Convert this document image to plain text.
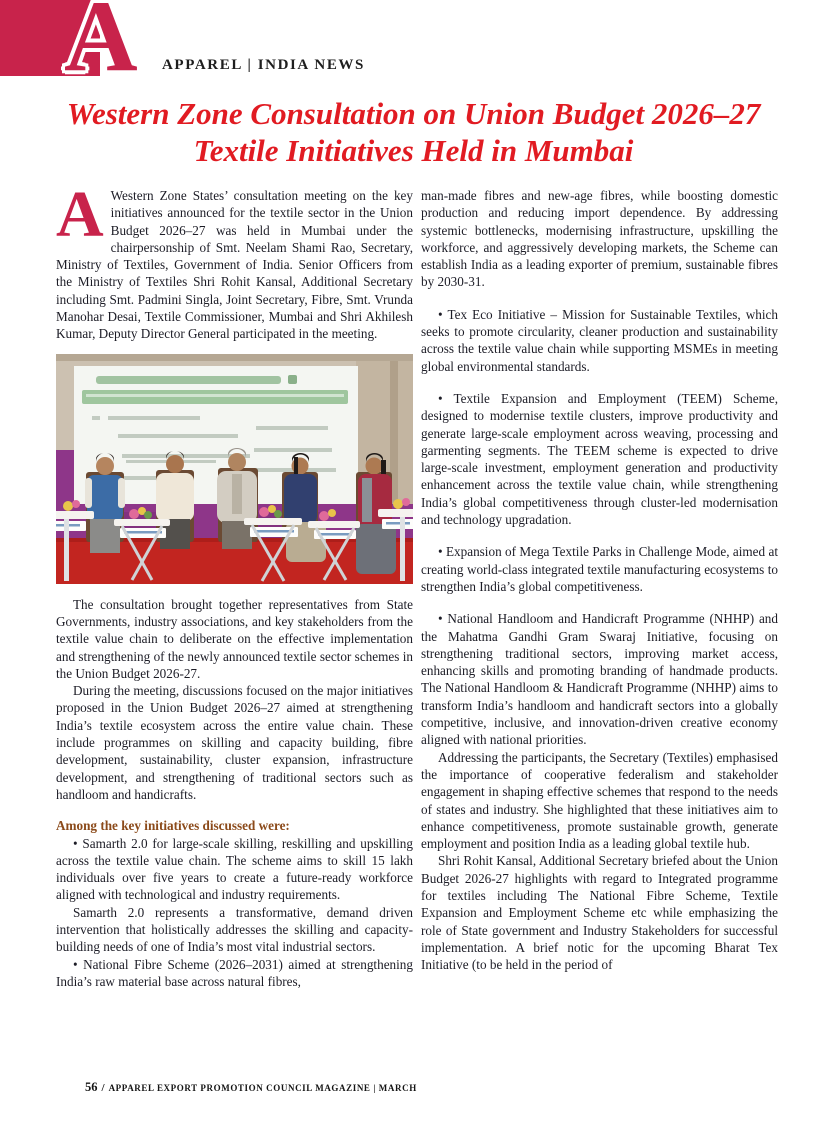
A APPAREL | INDIA NEWS
Western Zone Consultation on Union Budget 2026–27
Textile Initiatives Held in Mumbai

A Western Zone States’ consultation meeting on the key initiatives announced for the textile sector in the Union Budget 2026–27 was held in Mumbai under the chairpersonship of Smt. Neelam Shami Rao, Secretary, Ministry of Textiles, Government of India. Senior Officers from the Ministry of Textiles Shri Rohit Kansal, Additional Secretary including Smt. Padmini Singla, Joint Secretary, Fibre, Smt. Vrunda Manohar Desai, Textile Commissioner, Mumbai and Shri Akhilesh Kumar, Deputy Director General participated in the meeting.

The consultation brought together representatives from State Governments, industry associations, and key stakeholders from the textile value chain to deliberate on the effective implementation and strengthening of the newly announced textile sector schemes in the Union Budget 2026-27.

During the meeting, discussions focused on the major initiatives proposed in the Union Budget 2026–27 aimed at strengthening India’s textile ecosystem across the entire value chain. These include programmes on skilling and capacity building, fibre development, sustainability, cluster expansion, infrastructure development, and strengthening of traditional sectors such as handloom and handicrafts.

Among the key initiatives discussed were:

• Samarth 2.0 for large-scale skilling, reskilling and upskilling across the textile value chain. The scheme aims to skill 15 lakh individuals over five years to create a future-ready workforce aligned with technological and industry requirements.

Samarth 2.0 represents a transformative, demand driven intervention that holistically addresses the skilling and capacity-building needs of one of India’s most vital industrial sectors.

• National Fibre Scheme (2026–2031) aimed at strengthening India’s raw material base across natural fibres,

man-made fibres and new-age fibres, while boosting domestic production and reducing import dependence. By addressing systemic bottlenecks, modernising infrastructure, upskilling the workforce, and aggressively developing markets, the Scheme can establish India as a leading exporter of premium, sustainable fibres by 2030-31.

• Tex Eco Initiative – Mission for Sustainable Textiles, which seeks to promote circularity, cleaner production and sustainability across the textile value chain while supporting MSMEs in meeting global environmental standards.

• Textile Expansion and Employment (TEEM) Scheme, designed to modernise textile clusters, improve productivity and generate large-scale employment across weaving, processing and garmenting segments. The TEEM scheme is expected to drive large-scale investment, employment generation and productivity enhancement across the textile value chain, while strengthening India’s global competitiveness through cluster-led modernisation and technology upgradation.

• Expansion of Mega Textile Parks in Challenge Mode, aimed at creating world-class integrated textile manufacturing ecosystems to strengthen India’s global competitiveness.

• National Handloom and Handicraft Programme (NHHP) and the Mahatma Gandhi Gram Swaraj Initiative, focusing on strengthening traditional sectors, improving market access, enhancing skills and promoting branding of handmade products. The National Handloom & Handicraft Programme (NHHP) aims to transform India’s handloom and handicraft sectors into a globally competitive, inclusive, and innovation-driven creative economy aligned with national priorities.

Addressing the participants, the Secretary (Textiles) emphasised the importance of cooperative federalism and stakeholder engagement in shaping effective schemes that respond to the needs of states and industry. She highlighted that these initiatives aim to enhance competitiveness, promote sustainable growth, generate employment and position India as a leading global textile hub.

Shri Rohit Kansal, Additional Secretary briefed about the Union Budget 2026-27 highlights with regard to Integrated programme for textiles including The National Fibre Scheme, Textile Expansion and Employment Scheme etc while emphasizing the role of State government and Industry Stakeholders for successful implementation. A brief notic for the upcoming Bharat Tex Initiative (to be held in the period of

56 / APPAREL EXPORT PROMOTION COUNCIL MAGAZINE | MARCH
